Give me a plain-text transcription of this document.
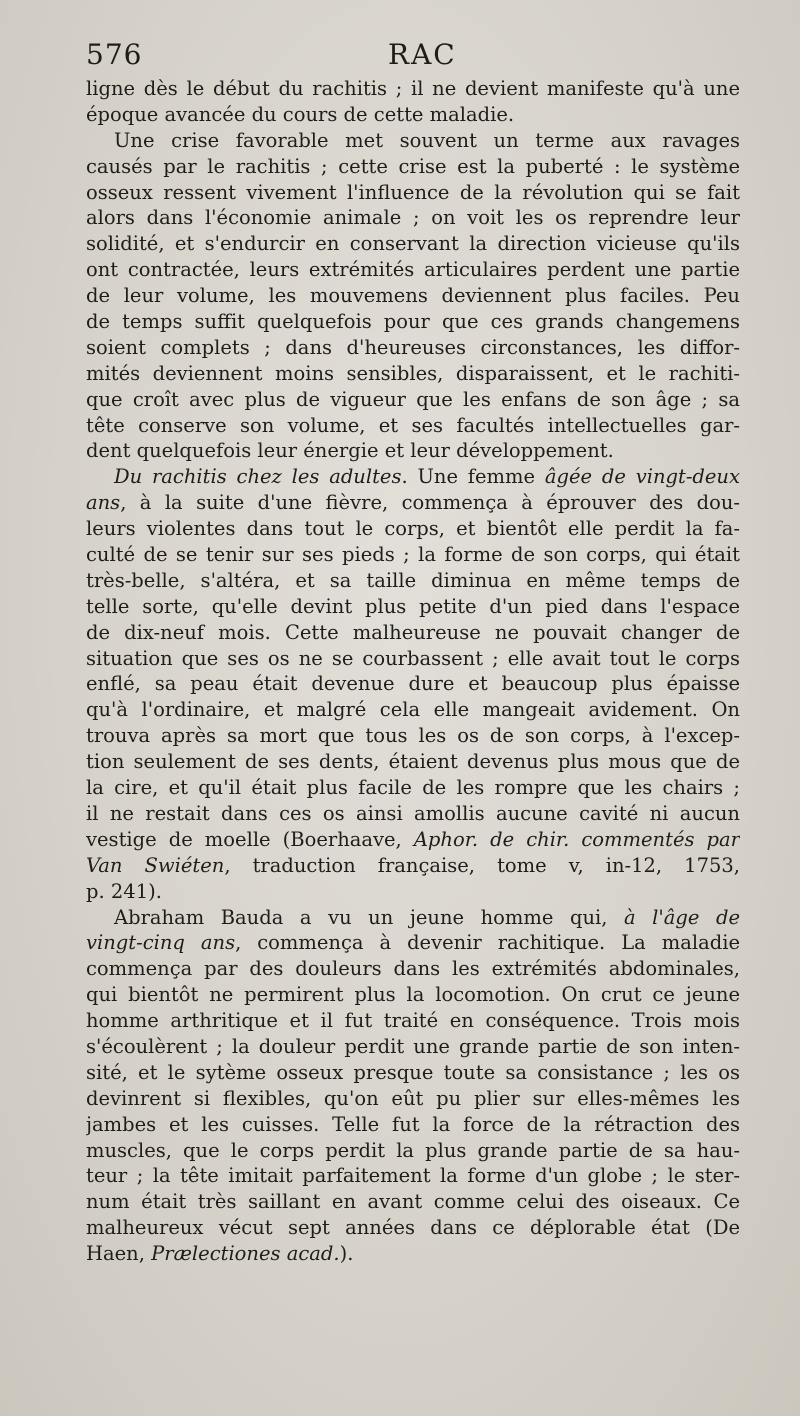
576	RAC
ligne dès le début du rachitis ; il ne devient manifeste qu'à une
époque avancée du cours de cette maladie.
Une crise favorable met souvent un terme aux ravages
causés par le rachitis ; cette crise est la puberté : le système
osseux ressent vivement l'influence de la révolution qui se fait
alors dans l'économie animale ; on voit les os reprendre leur
solidité, et s'endurcir en conservant la direction vicieuse qu'ils
ont contractée, leurs extrémités articulaires perdent une partie
de leur volume, les mouvemens deviennent plus faciles. Peu
de temps suffit quelquefois pour que ces grands changemens
soient complets ; dans d'heureuses circonstances, les diffor-
mités deviennent moins sensibles, disparaissent, et le rachiti-
que croît avec plus de vigueur que les enfans de son âge ; sa
tête conserve son volume, et ses facultés intellectuelles gar-
dent quelquefois leur énergie et leur développement.
Du rachitis chez les adultes. Une femme âgée de vingt-deux
ans, à la suite d'une fièvre, commença à éprouver des dou-
leurs violentes dans tout le corps, et bientôt elle perdit la fa-
culté de se tenir sur ses pieds ; la forme de son corps, qui était
très-belle, s'altéra, et sa taille diminua en même temps de
telle sorte, qu'elle devint plus petite d'un pied dans l'espace
de dix-neuf mois. Cette malheureuse ne pouvait changer de
situation que ses os ne se courbassent ; elle avait tout le corps
enflé, sa peau était devenue dure et beaucoup plus épaisse
qu'à l'ordinaire, et malgré cela elle mangeait avidement. On
trouva après sa mort que tous les os de son corps, à l'excep-
tion seulement de ses dents, étaient devenus plus mous que de
la cire, et qu'il était plus facile de les rompre que les chairs ;
il ne restait dans ces os ainsi amollis aucune cavité ni aucun
vestige de moelle (Boerhaave, Aphor. de chir. commentés par
Van Swiéten, traduction française, tome v, in-12, 1753,
p. 241).
Abraham Bauda a vu un jeune homme qui, à l'âge de
vingt-cinq ans, commença à devenir rachitique. La maladie
commença par des douleurs dans les extrémités abdominales,
qui bientôt ne permirent plus la locomotion. On crut ce jeune
homme arthritique et il fut traité en conséquence. Trois mois
s'écoulèrent ; la douleur perdit une grande partie de son inten-
sité, et le sytème osseux presque toute sa consistance ; les os
devinrent si flexibles, qu'on eût pu plier sur elles-mêmes les
jambes et les cuisses. Telle fut la force de la rétraction des
muscles, que le corps perdit la plus grande partie de sa hau-
teur ; la tête imitait parfaitement la forme d'un globe ; le ster-
num était très saillant en avant comme celui des oiseaux. Ce
malheureux vécut sept années dans ce déplorable état (De
Haen, Prælectiones acad.).
